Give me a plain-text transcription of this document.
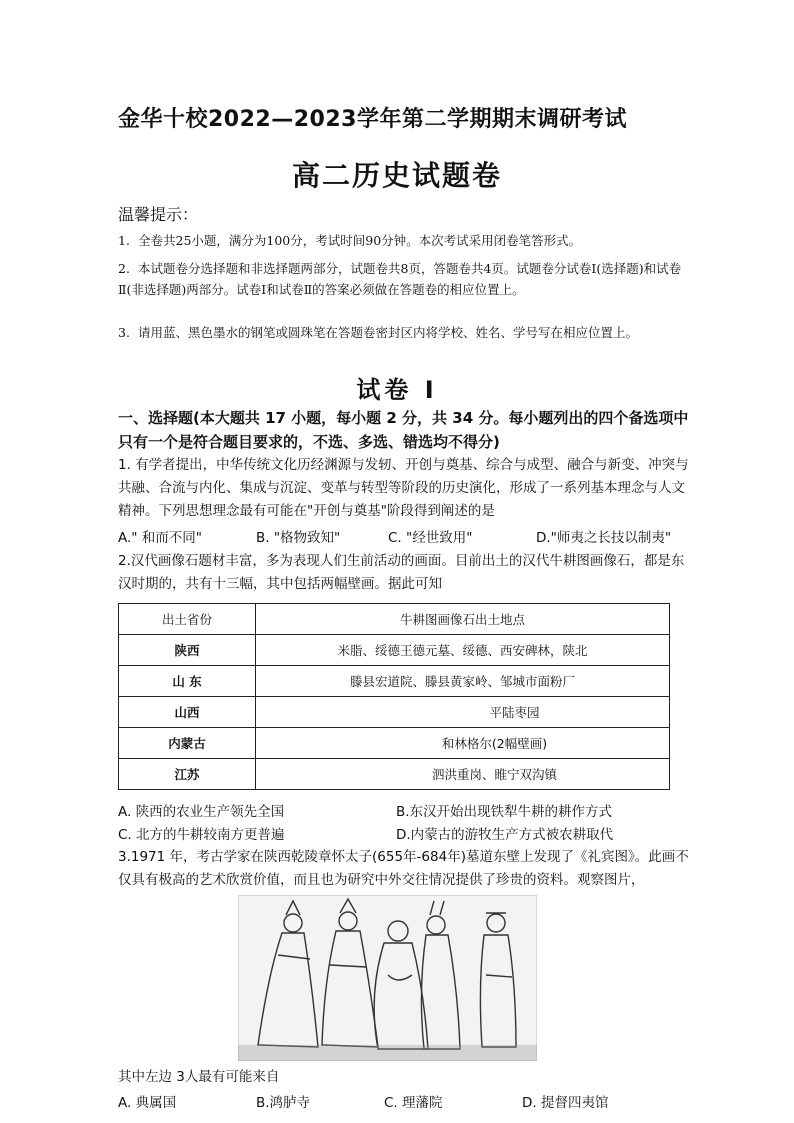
金华十校2022—2023学年第二学期期末调研考试
高二历史试题卷
温馨提示：
1. 全卷共25小题，满分为100分，考试时间90分钟。本次考试采用闭卷笔答形式。
2. 本试题卷分选择题和非选择题两部分，试题卷共8页，答题卷共4页。试题卷分试卷Ⅰ(选择题)和试卷Ⅱ(非选择题)两部分。试卷Ⅰ和试卷Ⅱ的答案必须做在答题卷的相应位置上。
3. 请用蓝、黑色墨水的钢笔或圆珠笔在答题卷密封区内将学校、姓名、学号写在相应位置上。
试卷 Ⅰ
一、选择题(本大题共 17 小题，每小题 2 分，共 34 分。每小题列出的四个备选项中只有一个是符合题目要求的，不选、多选、错选均不得分)
1. 有学者提出，中华传统文化历经渊源与发轫、开创与奠基、综合与成型、融合与新变、冲突与 共融、合流与内化、集成与沉淀、变革与转型等阶段的历史演化，形成了一系列基本理念与人文精神。下列思想理念最有可能在"开创与奠基"阶段得到阐述的是
A." 和而不同"	B. "格物致知"	C. "经世致用"	D."师夷之长技以制夷"
2.汉代画像石题材丰富，多为表现人们生前活动的画面。目前出土的汉代牛耕图画像石，都是东汉时期的，共有十三幅，其中包括两幅壁画。据此可知
出土省份	牛耕图画像石出土地点
陕西	米脂、绥德王德元墓、绥德、西安碑林，陕北
山 东	滕县宏道院、滕县黄家岭、邹城市面粉厂
山西	平陆枣园
内蒙古	和林格尔(2幅壁画)
江苏	泗洪重岗、睢宁双沟镇
A. 陕西的农业生产领先全国	B.东汉开始出现铁犁牛耕的耕作方式
C. 北方的牛耕较南方更普遍	D.内蒙古的游牧生产方式被农耕取代
3.1971 年，考古学家在陕西乾陵章怀太子(655年-684年)墓道东壁上发现了《礼宾图》。此画不仅具有极高的艺术欣赏价值，而且也为研究中外交往情况提供了珍贵的资料。观察图片，
其中左边 3人最有可能来自
A. 典属国	B.鸿胪寺	C. 理藩院	D. 提督四夷馆
